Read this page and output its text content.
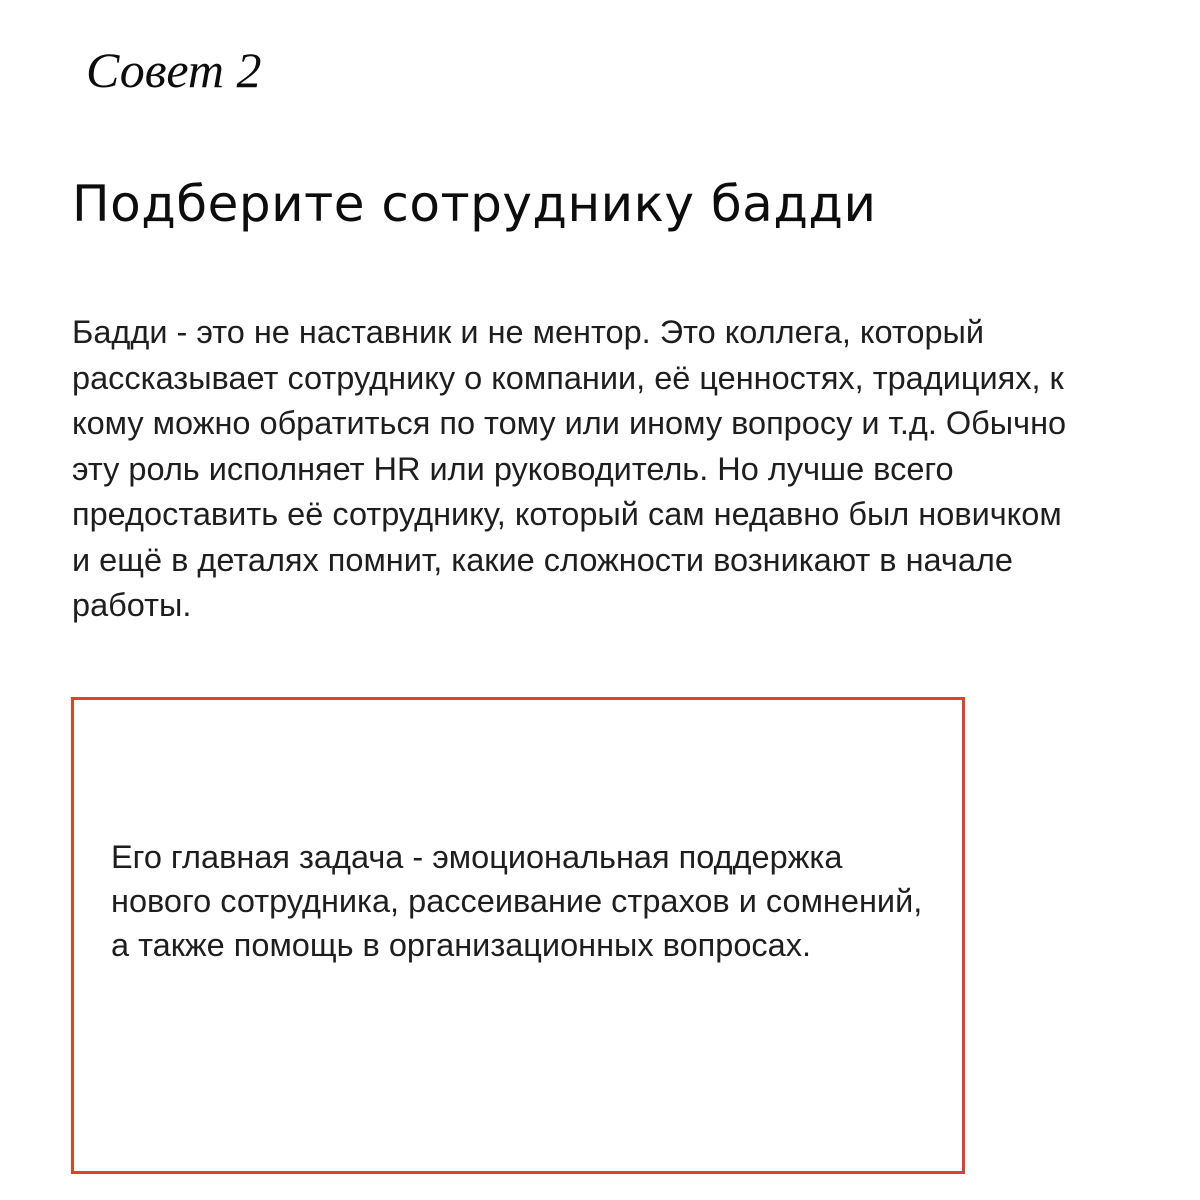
Совет 2
Подберите сотруднику бадди

Бадди - это не наставник и не ментор. Это коллега, который рассказывает сотруднику о компании, её ценностях, традициях, к кому можно обратиться по тому или иному вопросу и т.д. Обычно эту роль исполняет HR или руководитель. Но лучше всего предоставить её сотруднику, который сам недавно был новичком и ещё в деталях помнит, какие сложности возникают в начале работы.

Его главная задача - эмоциональная поддержка нового сотрудника, рассеивание страхов и сомнений, а также помощь в организационных вопросах.
